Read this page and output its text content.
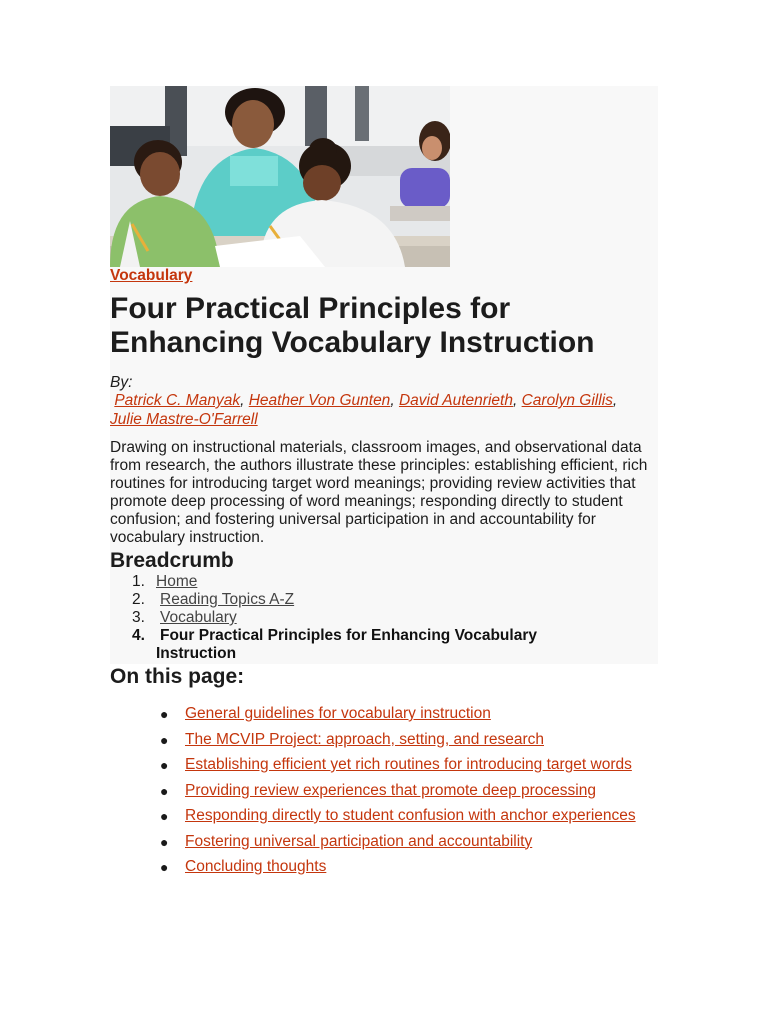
Vocabulary
Four Practical Principles for Enhancing Vocabulary Instruction
By:
Patrick C. Manyak, Heather Von Gunten, David Autenrieth, Carolyn Gillis, Julie Mastre-O'Farrell

Drawing on instructional materials, classroom images, and observational data from research, the authors illustrate these principles: establishing efficient, rich routines for introducing target word meanings; providing review activities that promote deep processing of word meanings; responding directly to student confusion; and fostering universal participation in and accountability for vocabulary instruction.

Breadcrumb
1. Home
2. Reading Topics A-Z
3. Vocabulary
4. Four Practical Principles for Enhancing Vocabulary Instruction
On this page:
● General guidelines for vocabulary instruction
● The MCVIP Project: approach, setting, and research
● Establishing efficient yet rich routines for introducing target words
● Providing review experiences that promote deep processing
● Responding directly to student confusion with anchor experiences
● Fostering universal participation and accountability
● Concluding thoughts
